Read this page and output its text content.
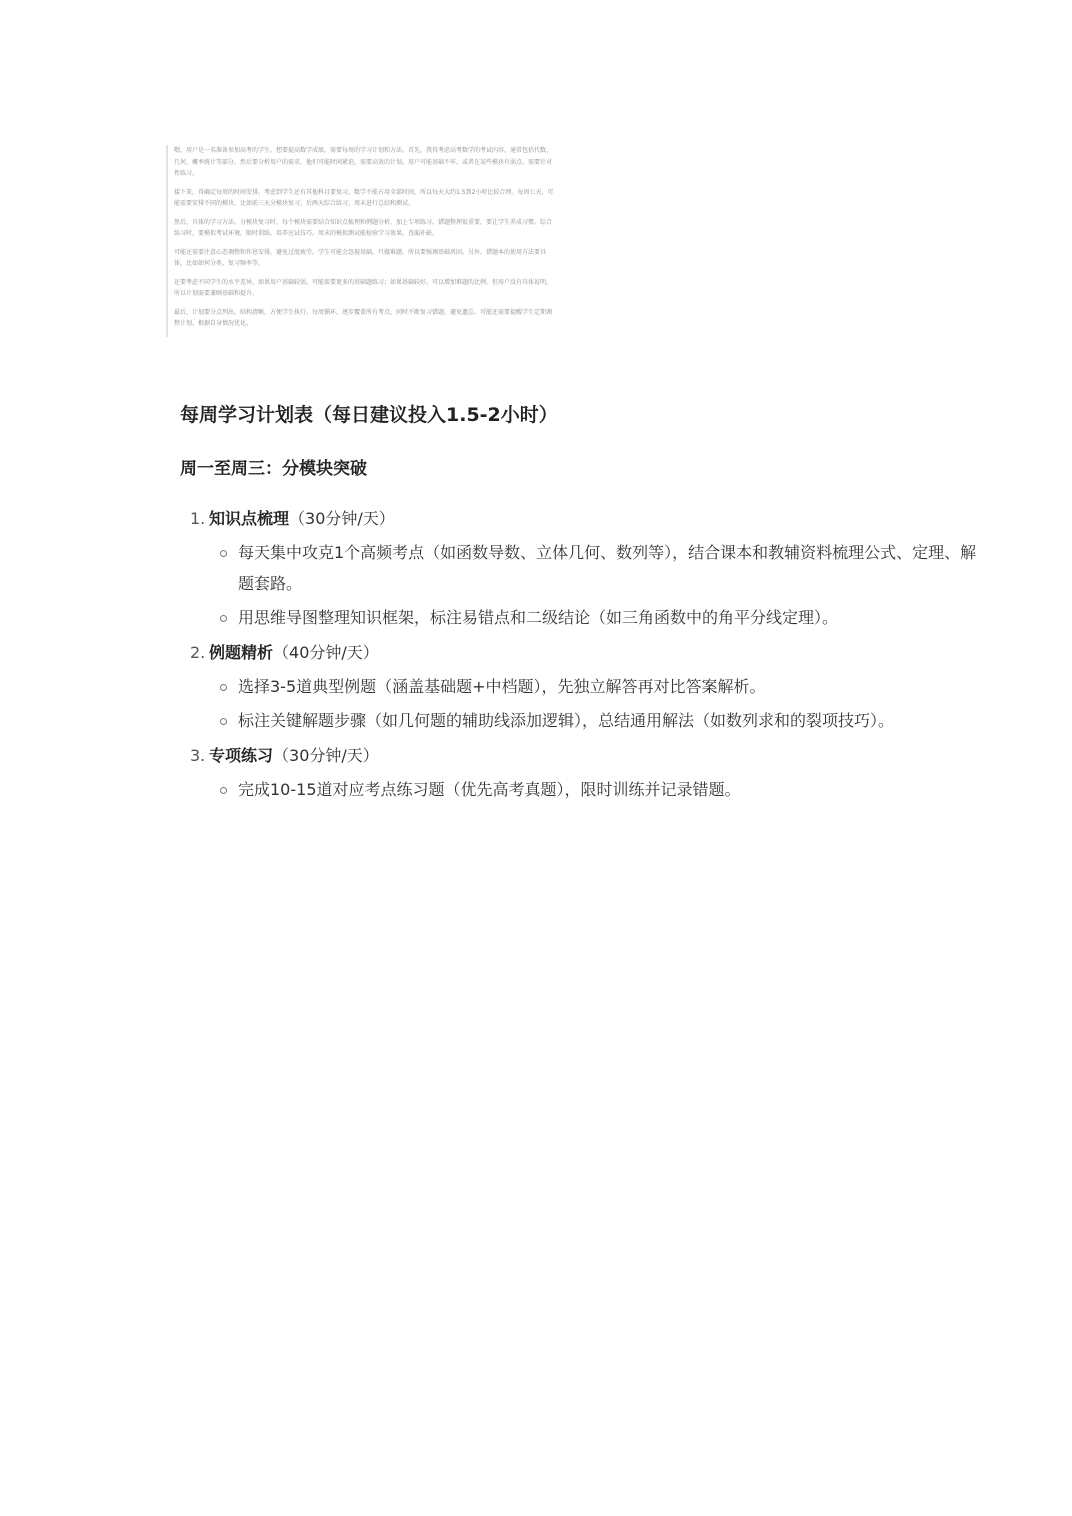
嗯，用户是一名准备参加高考的学生，想要提高数学成绩，需要每周的学习计划和方法。首先，我得考虑高考数学的考试内容，通常包括代数、几何、概率统计等部分。然后要分析用户的需求，他们可能时间紧迫，需要高效的计划。用户可能基础不牢，或者在某些模块有弱点，需要针对性练习。

接下来，得确定每周的时间安排。考虑到学生还有其他科目要复习，数学不能占用全部时间，所以每天大约1.5到2小时比较合理。每周七天，可能需要安排不同的模块，比如前三天分模块复习，后两天综合练习，周末进行总结和测试。

然后，具体的学习方法。分模块复习时，每个模块需要结合知识点梳理和例题分析，加上专项练习。错题整理很重要，要让学生养成习惯。综合练习时，要模拟考试环境，限时训练，培养应试技巧。周末的模拟测试能检验学习效果，查漏补缺。

可能还需要注意心态调整和作息安排，避免过度疲劳。学生可能会忽视基础，只做难题，所以要强调基础巩固。另外，错题本的使用方法要具体，比如如何分类、复习频率等。

还要考虑不同学生的水平差异，如果用户基础较弱，可能需要更多的基础题练习；如果基础较好，可以增加难题的比例。但用户没有具体说明，所以计划需要兼顾基础和提升。

最后，计划要分点列出，结构清晰，方便学生执行。每周循环，逐步覆盖所有考点，同时不断复习错题，避免遗忘。可能还需要提醒学生定期调整计划，根据自身情况优化。

每周学习计划表（每日建议投入1.5-2小时）
周一至周三：分模块突破
1. 知识点梳理（30分钟/天）
每天集中攻克1个高频考点（如函数导数、立体几何、数列等），结合课本和教辅资料梳理公式、定理、解题套路。
用思维导图整理知识框架，标注易错点和二级结论（如三角函数中的角平分线定理）。
2. 例题精析（40分钟/天）
选择3-5道典型例题（涵盖基础题+中档题），先独立解答再对比答案解析。
标注关键解题步骤（如几何题的辅助线添加逻辑），总结通用解法（如数列求和的裂项技巧）。
3. 专项练习（30分钟/天）
完成10-15道对应考点练习题（优先高考真题），限时训练并记录错题。
